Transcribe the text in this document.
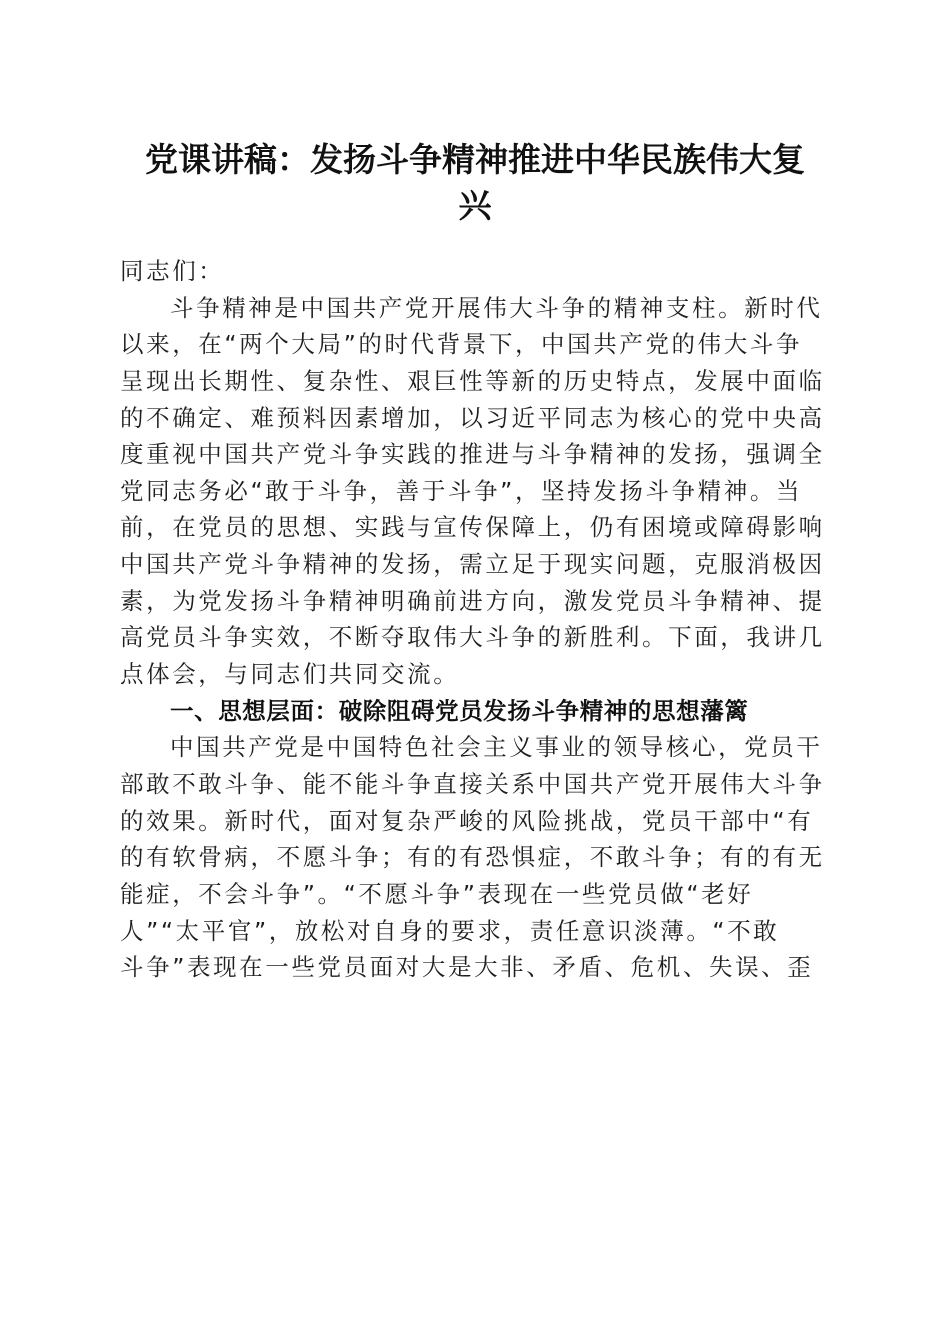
党课讲稿：发扬斗争精神推进中华民族伟大复
兴
同志们：
斗争精神是中国共产党开展伟大斗争的精神支柱。新时代
以来，在“两个大局”的时代背景下，中国共产党的伟大斗争
呈现出长期性、复杂性、艰巨性等新的历史特点，发展中面临
的不确定、难预料因素增加，以习近平同志为核心的党中央高
度重视中国共产党斗争实践的推进与斗争精神的发扬，强调全
党同志务必“敢于斗争，善于斗争”，坚持发扬斗争精神。当
前，在党员的思想、实践与宣传保障上，仍有困境或障碍影响
中国共产党斗争精神的发扬，需立足于现实问题，克服消极因
素，为党发扬斗争精神明确前进方向，激发党员斗争精神、提
高党员斗争实效，不断夺取伟大斗争的新胜利。下面，我讲几
点体会，与同志们共同交流。
一、思想层面：破除阻碍党员发扬斗争精神的思想藩篱
中国共产党是中国特色社会主义事业的领导核心，党员干
部敢不敢斗争、能不能斗争直接关系中国共产党开展伟大斗争
的效果。新时代，面对复杂严峻的风险挑战，党员干部中“有
的有软骨病，不愿斗争；有的有恐惧症，不敢斗争；有的有无
能症，不会斗争”。“不愿斗争”表现在一些党员做“老好
人”“太平官”，放松对自身的要求，责任意识淡薄。“不敢
斗争”表现在一些党员面对大是大非、矛盾、危机、失误、歪
